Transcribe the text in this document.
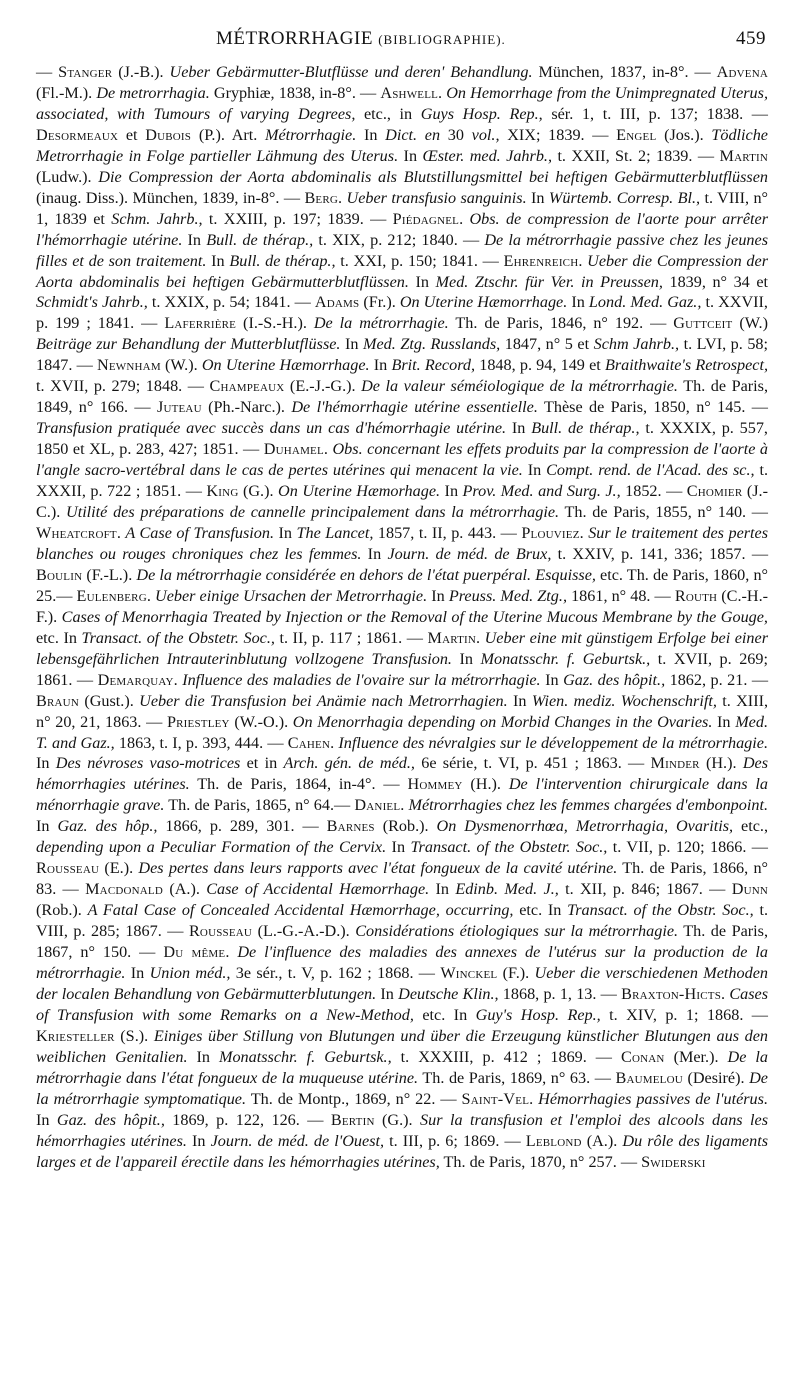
MÉTRORRHAGIE (BIBLIOGRAPHIE).	459
— Stanger (J.-B.). Ueber Gebärmutter-Blutflüsse und deren' Behandlung. München, 1837, in-8°. — Advena (Fl.-M.). De metrorrhagia. Gryphiæ, 1838, in-8°. — Ashwell. On Hemorrhage from the Unimpregnated Uterus, associated, with Tumours of varying Degrees, etc., in Guys Hosp. Rep., sér. 1, t. III, p. 137; 1838. — Desormeaux et Dubois (P.). Art. Métrorrhagie. In Dict. en 30 vol., XIX; 1839. — Engel (Jos.). Tödliche Metrorrhagie in Folge partieller Lähmung des Uterus. In Œster. med. Jahrb., t. XXII, St. 2; 1839. — Martin (Ludw.). Die Compression der Aorta abdominalis als Blutstillungsmittel bei heftigen Gebärmutterblutflüssen (inaug. Diss.). München, 1839, in-8°. — Berg. Ueber transfusio sanguinis. In Würtemb. Corresp. Bl., t. VIII, n° 1, 1839 et Schm. Jahrb., t. XXIII, p. 197; 1839. — Piédagnel. Obs. de compression de l'aorte pour arrêter l'hémorrhagie utérine. In Bull. de thérap., t. XIX, p. 212; 1840. — De la métrorrhagie passive chez les jeunes filles et de son traitement. In Bull. de thérap., t. XXI, p. 150; 1841. — Ehrenreich. Ueber die Compression der Aorta abdominalis bei heftigen Gebärmutterblutflüssen. In Med. Ztschr. für Ver. in Preussen, 1839, n° 34 et Schmidt's Jahrb., t. XXIX, p. 54; 1841. — Adams (Fr.). On Uterine Hæmorrhage. In Lond. Med. Gaz., t. XXVII, p. 199 ; 1841. — Laferrière (I.-S.-H.). De la métrorrhagie. Th. de Paris, 1846, n° 192. — Guttceit (W.) Beiträge zur Behandlung der Mutterblutflüsse. In Med. Ztg. Russlands, 1847, n° 5 et Schm Jahrb., t. LVI, p. 58; 1847. — Newnham (W.). On Uterine Hæmorrhage. In Brit. Record, 1848, p. 94, 149 et Braithwaite's Retrospect, t. XVII, p. 279; 1848. — Champeaux (E.-J.-G.). De la valeur séméiologique de la métrorrhagie. Th. de Paris, 1849, n° 166. — Juteau (Ph.-Narc.). De l'hémorrhagie utérine essentielle. Thèse de Paris, 1850, n° 145. — Transfusion pratiquée avec succès dans un cas d'hémorrhagie utérine. In Bull. de thérap., t. XXXIX, p. 557, 1850 et XL, p. 283, 427; 1851. — Duhamel. Obs. concernant les effets produits par la compression de l'aorte à l'angle sacro-vertébral dans le cas de pertes utérines qui menacent la vie. In Compt. rend. de l'Acad. des sc., t. XXXII, p. 722 ; 1851. — King (G.). On Uterine Hæmorhage. In Prov. Med. and Surg. J., 1852. — Chomier (J.-C.). Utilité des préparations de cannelle principalement dans la métrorrhagie. Th. de Paris, 1855, n° 140. — Wheatcroft. A Case of Transfusion. In The Lancet, 1857, t. II, p. 443. — Plouviez. Sur le traitement des pertes blanches ou rouges chroniques chez les femmes. In Journ. de méd. de Brux, t. XXIV, p. 141, 336; 1857. — Boulin (F.-L.). De la métrorrhagie considérée en dehors de l'état puerpéral. Esquisse, etc. Th. de Paris, 1860, n° 25.— Eulenberg. Ueber einige Ursachen der Metrorrhagie. In Preuss. Med. Ztg., 1861, n° 48. — Routh (C.-H.-F.). Cases of Menorrhagia Treated by Injection or the Removal of the Uterine Mucous Membrane by the Gouge, etc. In Transact. of the Obstetr. Soc., t. II, p. 117 ; 1861. — Martin. Ueber eine mit günstigem Erfolge bei einer lebensgefährlichen Intrauterinblutung vollzogene Transfusion. In Monatsschr. f. Geburtsk., t. XVII, p. 269; 1861. — Demarquay. Influence des maladies de l'ovaire sur la métrorrhagie. In Gaz. des hôpit., 1862, p. 21. — Braun (Gust.). Ueber die Transfusion bei Anämie nach Metrorrhagien. In Wien. mediz. Wochenschrift, t. XIII, n° 20, 21, 1863. — Priestley (W.-O.). On Menorrhagia depending on Morbid Changes in the Ovaries. In Med. T. and Gaz., 1863, t. I, p. 393, 444. — Cahen. Influence des névralgies sur le développement de la métrorrhagie. In Des névroses vaso-motrices et in Arch. gén. de méd., 6e série, t. VI, p. 451 ; 1863. — Minder (H.). Des hémorrhagies utérines. Th. de Paris, 1864, in-4°. — Hommey (H.). De l'intervention chirurgicale dans la ménorrhagie grave. Th. de Paris, 1865, n° 64.— Daniel. Métrorrhagies chez les femmes chargées d'embonpoint. In Gaz. des hôp., 1866, p. 289, 301. — Barnes (Rob.). On Dysmenorrhœa, Metrorrhagia, Ovaritis, etc., depending upon a Peculiar Formation of the Cervix. In Transact. of the Obstetr. Soc., t. VII, p. 120; 1866. — Rousseau (E.). Des pertes dans leurs rapports avec l'état fongueux de la cavité utérine. Th. de Paris, 1866, n° 83. — Macdonald (A.). Case of Accidental Hæmorrhage. In Edinb. Med. J., t. XII, p. 846; 1867. — Dunn (Rob.). A Fatal Case of Concealed Accidental Hæmorrhage, occurring, etc. In Transact. of the Obstr. Soc., t. VIII, p. 285; 1867. — Rousseau (L.-G.-A.-D.). Considérations étiologiques sur la métrorrhagie. Th. de Paris, 1867, n° 150. — Du même. De l'influence des maladies des annexes de l'utérus sur la production de la métrorrhagie. In Union méd., 3e sér., t. V, p. 162 ; 1868. — Winckel (F.). Ueber die verschiedenen Methoden der localen Behandlung von Gebärmutterblutungen. In Deutsche Klin., 1868, p. 1, 13. — Braxton-Hicts. Cases of Transfusion with some Remarks on a New-Method, etc. In Guy's Hosp. Rep., t. XIV, p. 1; 1868. — Kriesteller (S.). Einiges über Stillung von Blutungen und über die Erzeugung künstlicher Blutungen aus den weiblichen Genitalien. In Monatsschr. f. Geburtsk., t. XXXIII, p. 412 ; 1869. — Conan (Mer.). De la métrorrhagie dans l'état fongueux de la muqueuse utérine. Th. de Paris, 1869, n° 63. — Baumelou (Desiré). De la métrorrhagie symptomatique. Th. de Montp., 1869, n° 22. — Saint-Vel. Hémorrhagies passives de l'utérus. In Gaz. des hôpit., 1869, p. 122, 126. — Bertin (G.). Sur la transfusion et l'emploi des alcools dans les hémorrhagies utérines. In Journ. de méd. de l'Ouest, t. III, p. 6; 1869. — Leblond (A.). Du rôle des ligaments larges et de l'appareil érectile dans les hémorrhagies utérines, Th. de Paris, 1870, n° 257. — Swiderski
